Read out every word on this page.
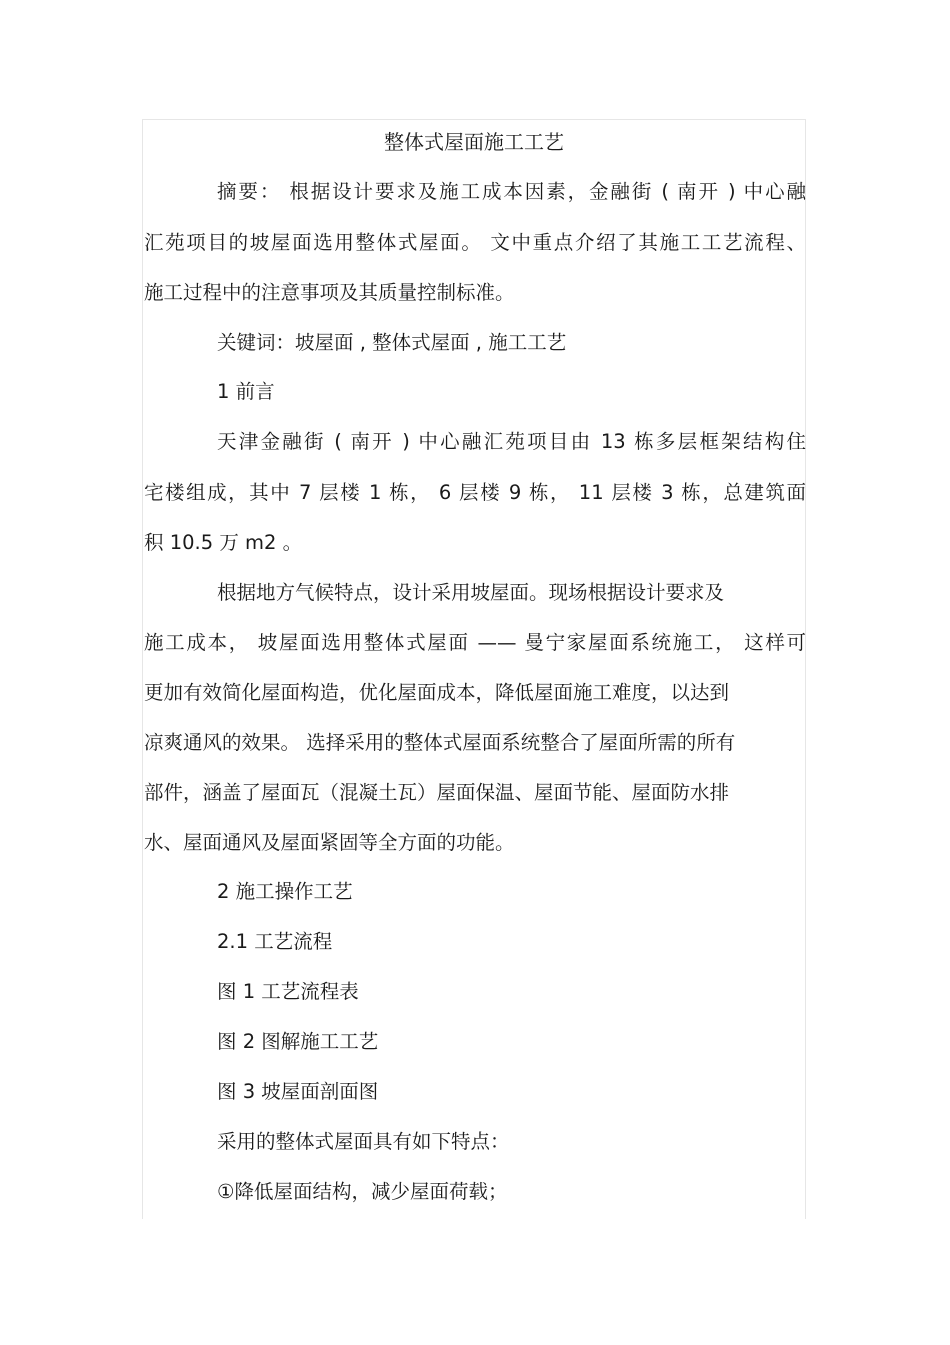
整体式屋面施工工艺
摘要： 根据设计要求及施工成本因素，金融街 ( 南开 ) 中心融
汇苑项目的坡屋面选用整体式屋面。 文中重点介绍了其施工工艺流程、
施工过程中的注意事项及其质量控制标准。
关键词：坡屋面 , 整体式屋面 , 施工工艺
1 前言
天津金融街 ( 南开 ) 中心融汇苑项目由 13 栋多层框架结构住
宅楼组成，其中 7 层楼 1 栋， 6 层楼 9 栋， 11 层楼 3 栋，总建筑面
积 10.5 万 m2 。
根据地方气候特点，设计采用坡屋面。现场根据设计要求及
施工成本， 坡屋面选用整体式屋面 —— 曼宁家屋面系统施工， 这样可
更加有效简化屋面构造，优化屋面成本，降低屋面施工难度，以达到
凉爽通风的效果。 选择采用的整体式屋面系统整合了屋面所需的所有
部件，涵盖了屋面瓦（混凝土瓦）屋面保温、屋面节能、屋面防水排
水、屋面通风及屋面紧固等全方面的功能。
2 施工操作工艺
2.1 工艺流程
图 1 工艺流程表
图 2 图解施工工艺
图 3 坡屋面剖面图
采用的整体式屋面具有如下特点：
①降低屋面结构，减少屋面荷载；
